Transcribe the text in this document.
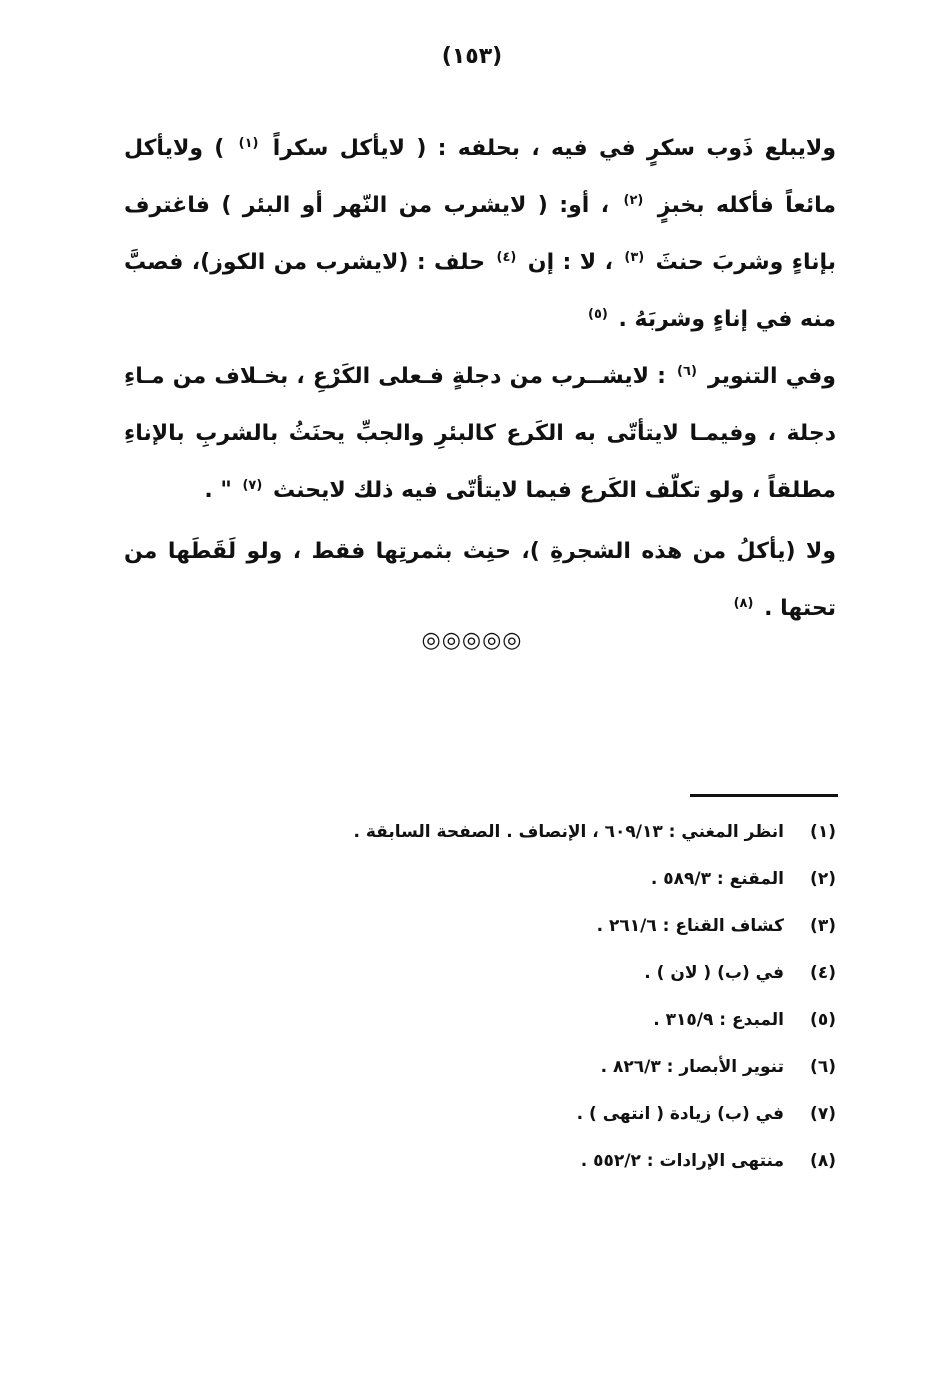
(١٥٣)

ولايبلع ذَوب سكرٍ في فيه ، بحلفه : ( لايأكل سكراً $^{(١)}$ ) ولايأكل مائعاً فأكله بخبزٍ $^{(٢)}$ ، أو: ( لايشرب من النّهر أو البئر ) فاغترف بإناءٍ وشربَ حنثَ $^{(٣)}$ ، لا : إن $^{(٤)}$ حلف : (لايشرب من الكوز)، فصبَّ منه في إناءٍ وشربَهُ . $^{(٥)}$

وفي التنوير $^{(٦)}$ : لايشــرب من دجلةٍ فـعلى الكَرْعِ ، بخـلاف من مـاءِ دجلة ، وفيمـا لايتأتّى به الكَرع كالبئرِ والجبِّ يحنَثُ بالشربِ بالإناءِ مطلقاً ، ولو تكلّف الكَرع فيما لايتأتّى فيه ذلك لايحنث $^{(٧)}$ " .

ولا (يأكلُ من هذه الشجرةِ )، حنِث بثمرتِها فقط ، ولو لَقَطَها من تحتها . $^{(٨)}$

◎◎◎◎◎
(١)
انظر المغني : ٦٠٩/١٣ ، الإنصاف . الصفحة السابقة .
(٢)
المقنع : ٥٨٩/٣ .
(٣)
كشاف القناع : ٢٦١/٦ .
(٤)
في (ب) ( لان ) .
(٥)
المبدع : ٣١٥/٩ .
(٦)
تنوير الأبصار : ٨٢٦/٣ .
(٧)
في (ب) زيادة ( انتهى ) .
(٨)
منتهى الإرادات : ٥٥٢/٢ .
